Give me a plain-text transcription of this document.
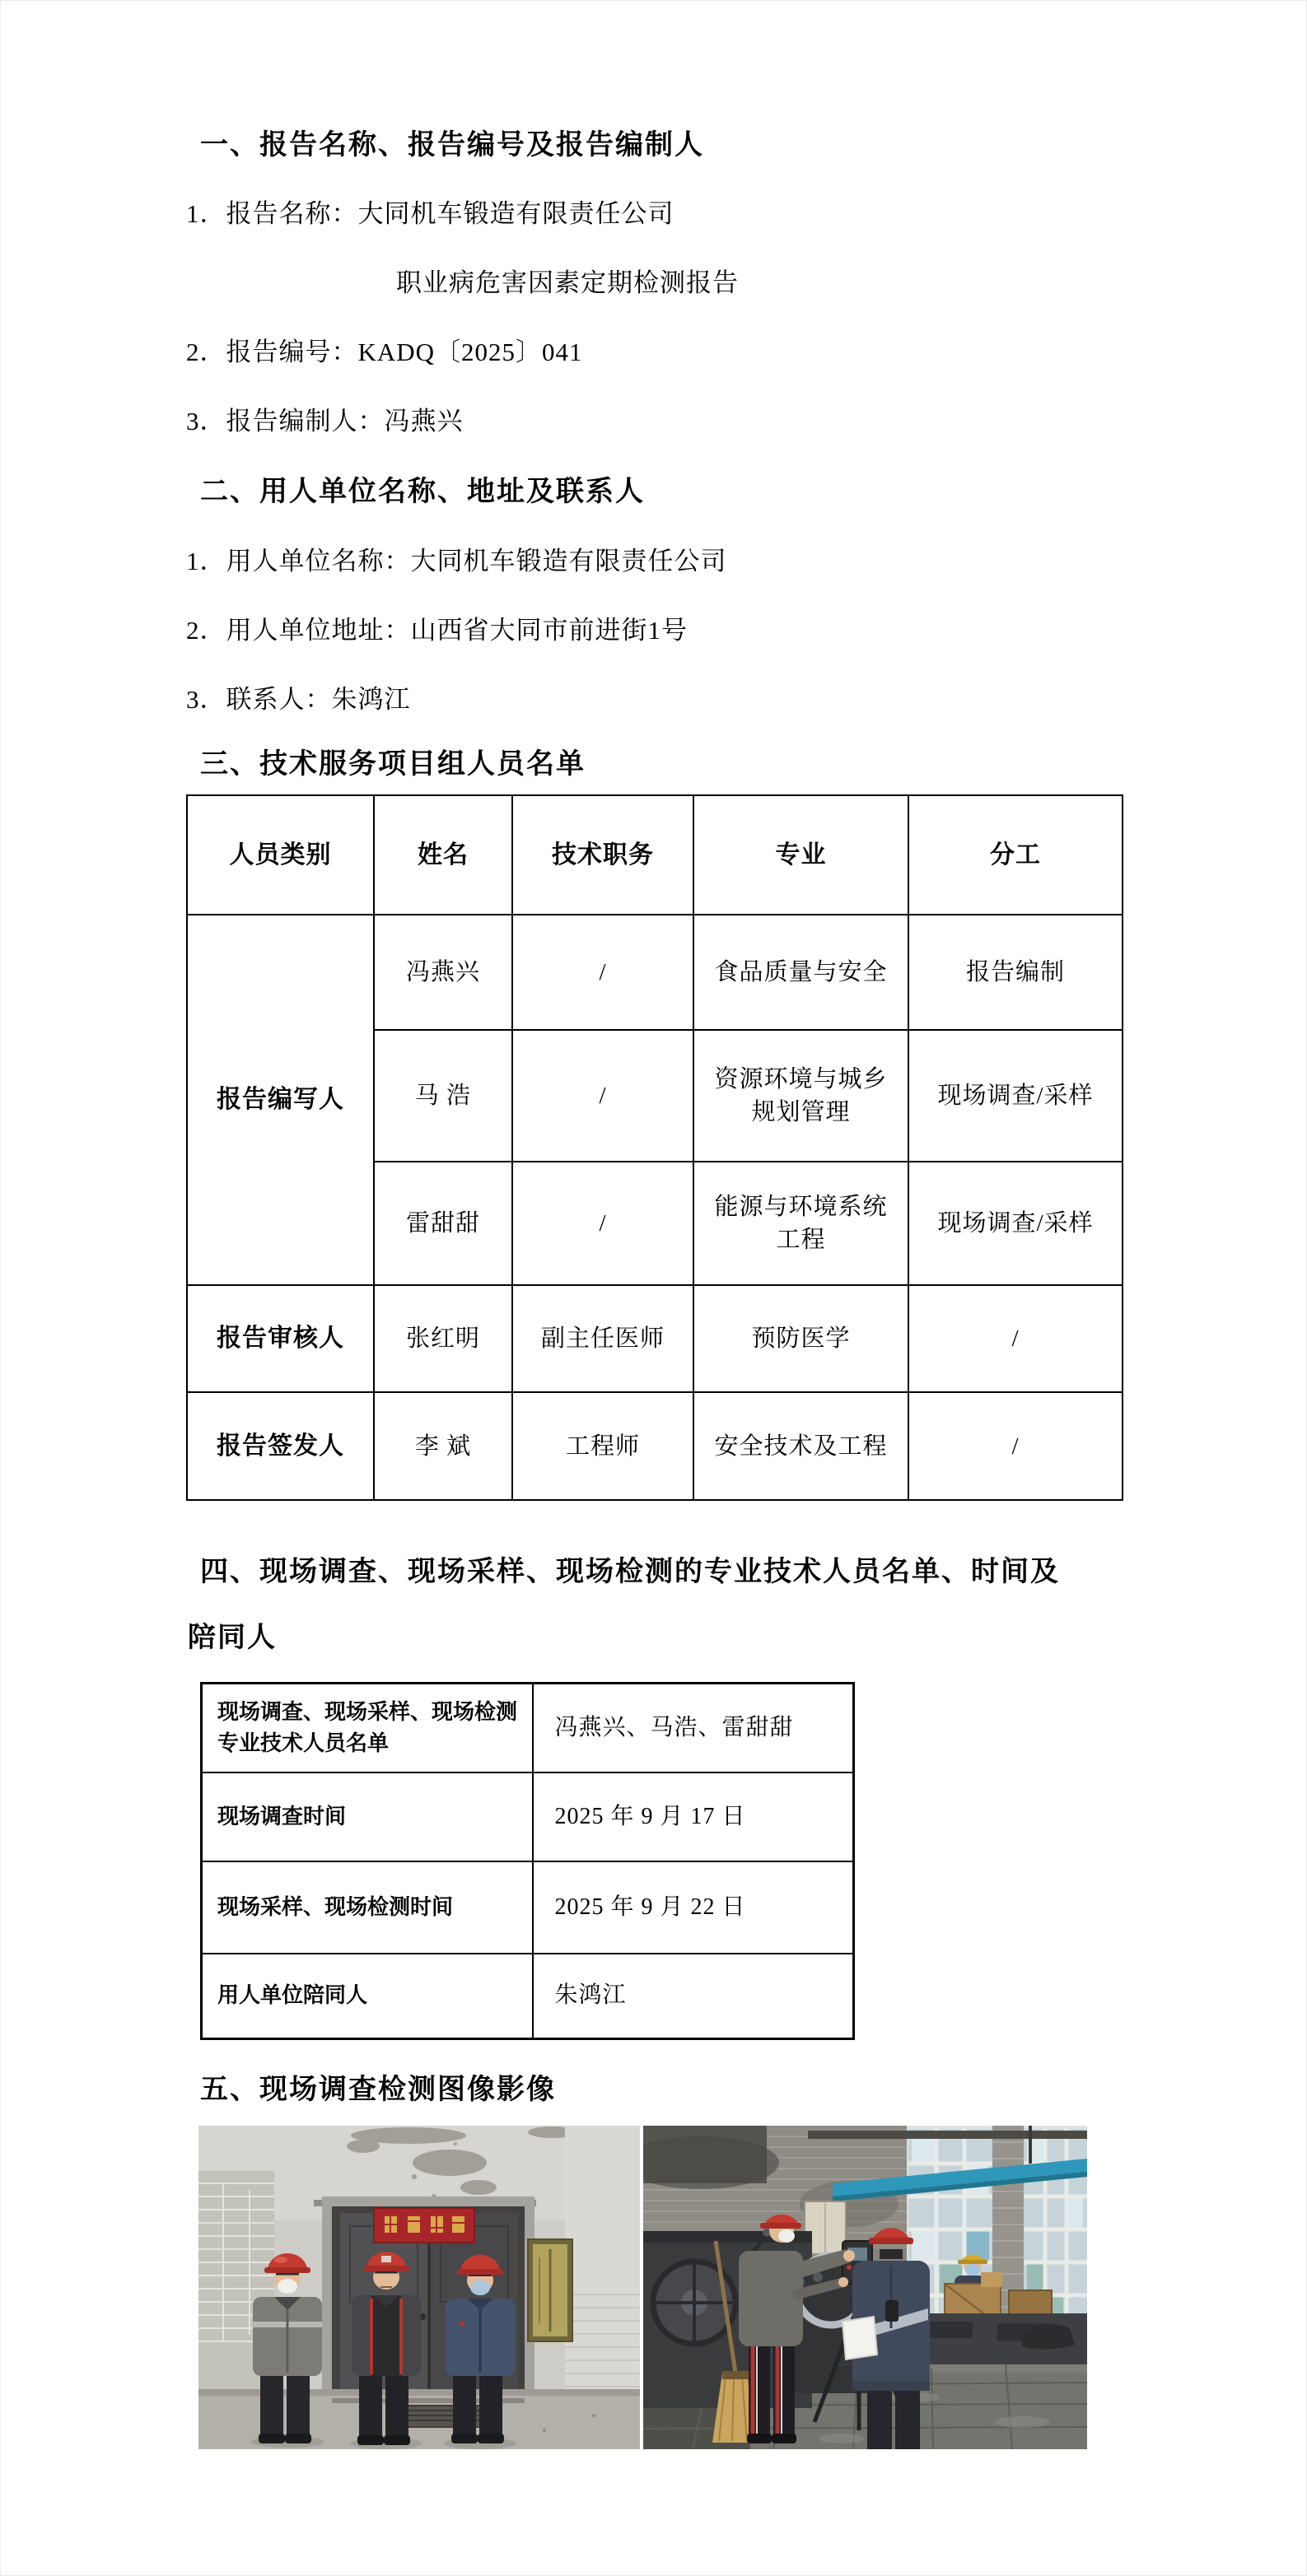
一、报告名称、报告编号及报告编制人
1．报告名称：大同机车锻造有限责任公司
职业病危害因素定期检测报告
2．报告编号：KADQ〔2025〕041
3．报告编制人：冯燕兴
二、用人单位名称、地址及联系人
1．用人单位名称：大同机车锻造有限责任公司
2．用人单位地址：山西省大同市前进街1号
3．联系人：朱鸿江
三、技术服务项目组人员名单
人员类别	姓名	技术职务	专业	分工
报告编写人	冯燕兴	/	食品质量与安全	报告编制
	马 浩	/	资源环境与城乡规划管理	现场调查/采样
	雷甜甜	/	能源与环境系统工程	现场调查/采样
报告审核人	张红明	副主任医师	预防医学	/
报告签发人	李 斌	工程师	安全技术及工程	/
四、现场调查、现场采样、现场检测的专业技术人员名单、时间及
陪同人
现场调查、现场采样、现场检测专业技术人员名单	冯燕兴、马浩、雷甜甜
现场调查时间	2025 年 9 月 17 日
现场采样、现场检测时间	2025 年 9 月 22 日
用人单位陪同人	朱鸿江
五、现场调查检测图像影像
